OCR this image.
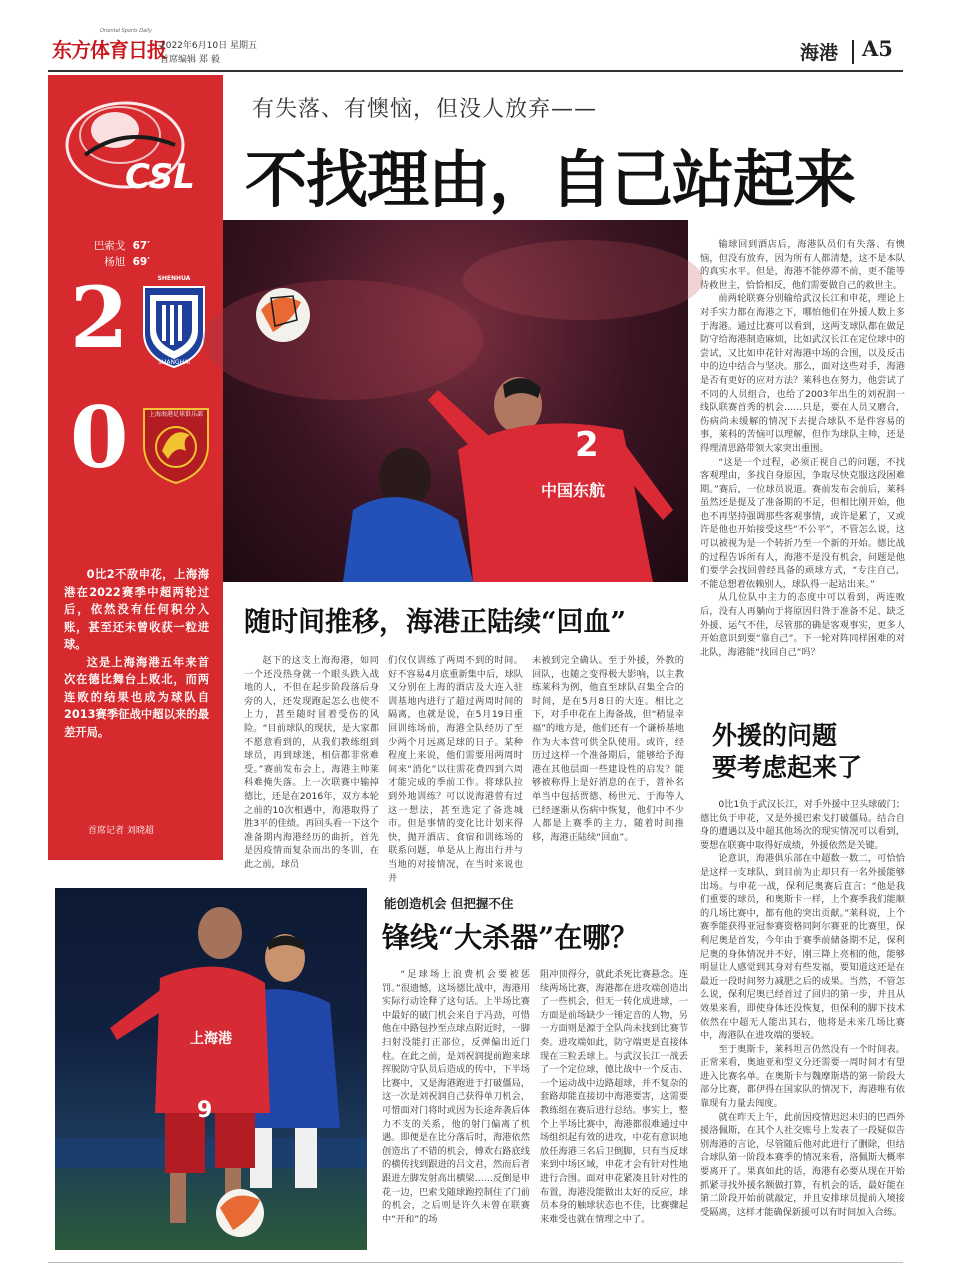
东方体育日报
Oriental Sports Daily
2022年6月10日 星期五
首席编辑 郑 毅	海港 A5
CSL
巴索戈 67′
杨旭 69′
2
0
SHENHUA
SHANGHAI
上海海港足球俱乐部

0比2不敌申花，上海海港在2022赛季中超两轮过后，依然没有任何积分入账，甚至还未曾收获一粒进球。

这是上海海港五年来首次在德比舞台上败北，而两连败的结果也成为球队自2013赛季征战中超以来的最差开局。

首席记者 刘晓超
有失落、有懊恼，但没人放弃——
不找理由，自己站起来
2
中国东航

输球回到酒店后，海港队员们有失落、有懊恼，但没有放弃，因为所有人都清楚，这不是本队的真实水平。但是，海港不能停滞不前，更不能等待救世主，恰恰相反，他们需要做自己的救世主。

前两轮联赛分别输给武汉长江和申花，理论上对手实力都在海港之下，哪怕他们在外援人数上多于海港。通过比赛可以看到，这两支球队都在做足防守给海港制造麻烦，比如武汉长江在定位球中的尝试，又比如申花针对海港中场的合围，以及反击中的边中结合与坚决。那么，面对这些对手，海港是否有更好的应对方法？莱科也在努力，他尝试了不同的人员组合，也给了2003年出生的刘祝润一线队联赛首秀的机会……只是，要在人员又磨合，伤病尚未缓解的情况下去提合球队不是件容易的事，莱科的苦恼可以理解，但作为球队主帅，还是得理清思路带领大家突出重围。

“这是一个过程，必须正视自己的问题，不找客观理由，多找自身原因，争取尽快克服这段困难期。”赛后，一位球员说道。赛前发布会前后，莱科虽然还是提及了准备期的不足，但相比刚开始，他也不再坚持强调那些客观事情，或许是累了，又或许是他也开始接受这些“不公平”，不管怎么说，这可以被视为是一个转折乃至一个新的开始。德比战的过程告诉所有人，海港不是没有机会，问题是他们要学会找回曾经具备的顽球方式，“专注自己，不能总想着依赖别人，球队得一起站出来。”

从几位队中主力的态度中可以看到，两连败后，没有人再躺向于将原因归咎于准备不足、缺乏外援、运气不佳，尽管那的确是客观事实，更多人开始意识到要“靠自己”。下一轮对阵同样困难的对北队，海港能“找回自己”吗？

随时间推移，海港正陆续“回血”
赵下的这支上海海港，如同一个还没热身就一个眼头跌入战地的人，不但在起步阶段落后身旁的人，还发现跑起怎么也使不上力，甚至随时冒着受伤的风险。“目前球队的现状，是大家都不愿意看到的，从我们教练组到球员，再到球迷，相信都非常难受。”赛前发布会上，海港主帅莱科难掩失落。上一次联赛中输掉德比，还是在2016年，双方本轮之前的10次相遇中，海港取得了胜3平的佳绩。再回头看一下这个准备期内海港经历的曲折，首先是因疫情而复杂而出的冬训，在此之前，球员
们仅仅训练了两周不到的时间。好不容易4月底重新集中后，球队又分别在上海的酒店及大连入驻训基地内进行了超过两周时间的隔离，也就是说，在5月19日重回训练场前，海港全队经历了至少两个月远离足球的日子。某种程度上来说，他们需要用两周时间来“消化”以往需花费四到六周才能完成的季前工作。将球队拉到外地训练？可以说海港曾有过这一想法，甚至选定了备选城市。但是事情的变化比计划来得快，抛开酒店、食宿和训练场的联系问题，单是从上海出行并与当地的对接情况，在当时来说也并
未被到完全确认。至于外援，外教的回队，也随之变得极大影响，以主教练莱科为例，他直至球队召集全合的时间，是在5月8日的大连。相比之下，对手申花在上海备战，但“稍显幸福”的地方是，他们还有一个谦桥基地作为大本营可供全队使用。或许，经历过这样一个准备期后，能够给予海港在其他层面一些建设性的启发？能够被称得上是好消息的在于，普补名单当中包括贾德、杨世元、于海等人已经逐渐从伤病中恢复，他们中不少人都是上赛季的主力，随着时间推移，海港正陆续“回血”。
外援的问题
要考虑起来了

0比1负于武汉长江，对手外援中卫头球破门；德比负于申花，又是外援巴索戈打破僵局。结合自身的遭遇以及中超其他场次的现实情况可以看到，要想在联赛中取得好成绩，外援依然是关键。

论意识，海港俱乐部在中超数一数二，可恰恰是这样一支球队，到目前为止却只有一名外援能够出场。与申花一战，保利尼奥赛后直言：“他是我们重要的球员，和奥斯卡一样，上个赛季我们能顺的几场比赛中，都有他的突出贡献。”莱科说，上个赛季能获得亚冠参赛资格同阿尔赛亚的比赛里，保利尼奥是首发，今年由于赛季前储备期不足，保利尼奥的身体情况并不好，刚三降上亮相的他，能够明显让人感觉到其身对有些发福，要知道这还是在最近一段时间努力减肥之后的成果。当然，不管怎么说，保利尼奥已经首过了回归的第一步，并且从效果来看，即使身体还没恢复，但保利的脚下技术依然在中超无人能出其右，他将是未来几场比赛中，海港队在进攻端的要较。

至于奥斯卡，莱科坦言仍然没有一个时间表。正常来看，奥迪亚和型义分还需要一周时间才有望进入比赛名单。在奥斯卡与魏摩斯塔的第一阶段大部分比赛，都伊得在国家队的情况下，海港唯有依靠现有力量去闯度。

就在昨天上午，此前因疫情迟迟未归的巴西外援洛佩斯，在其个人社交账号上发表了一段疑似告别海港的言论，尽管随后他对此进行了删除，但结合球队第一阶段本赛季的情况来看，洛佩斯大概率要离开了。果真如此的话，海港有必要从现在开始抓紧寻找外援名额做打算，有机会的话，最好能在第二阶段开始前就敲定，并且安排球员提前入境接受隔离，这样才能确保新援可以有时间加入合练。

9
上海港
能创造机会 但把握不住
锋线“大杀器”在哪？
“足球场上浪费机会要被惩罚。”很遗憾，这场德比战中，海港用实际行动诠释了这句话。上半场比赛中最好的破门机会来自于冯劲，可惜他在中路包抄至点球点附近时，一脚扫射没能打正部位，反弹偏出近门柱。在此之前，是刘祝润提前跑来球挥脱防守队员后造成的传中，下半场比赛中，又是海港跑进于打破僵局，这一次是刘祝润自己获得单刀机会，可惜面对门将时或因为长途奔袭后体力不支的关系，他的射门偏离了机遇。即便是在比分落后时，海港依然创造出了不错的机会，傅欢右路底线的横传找到跟进的吕文君，然而后者跟进左脚发射高出横梁……反倒是申花一边，巴索戈随球跑控制住了门前的机会，之后则是许久未曾在联赛中“开和”的场
阻冲顶得分，就此杀死比赛悬念。连续两场比赛，海港都在进攻端创造出了一些机会，但无一转化成进球，一方面是前场缺少一锤定音的人物，另一方面则是源于全队尚未找到比赛节奏。进攻端如此，防守端更是直接体现在三粒丢球上。与武汉长江一战丢了一个定位球，德比战中一个反击、一个运动战中边路超球，并不复杂的套路却能直接切中海港要害，这需要教练组在赛后进行总结。事实上，整个上半场比赛中，海港都很难通过中场组织起有效的进攻，中花有意识地放任海港三名后卫倒脚，只有当反球来到中场区域，申花才会有针对性地进行合围。面对申花紧凑且针对性的布置，海港没能做出太好的反应，球员本身的触球状态也不佳，比赛骤起来难受也就在情理之中了。
